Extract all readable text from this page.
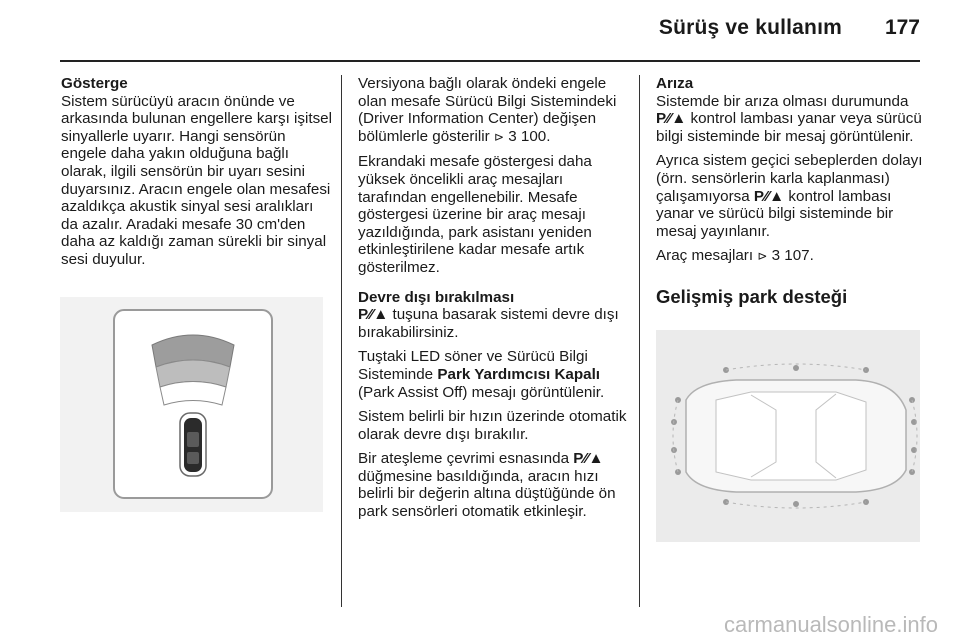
Sürüş ve kullanım 177

Gösterge

Sistem sürücüyü aracın önünde ve arkasında bulunan engellere karşı işitsel sinyallerle uyarır. Hangi sensörün engele daha yakın olduğuna bağlı olarak, ilgili sensörün bir uyarı sesini duyarsınız. Aracın engele olan mesafesi azaldıkça akustik sinyal sesi aralıkları da azalır. Aradaki mesafe 30 cm'den daha az kaldığı zaman sürekli bir sinyal sesi duyulur.

Versiyona bağlı olarak öndeki engele olan mesafe Sürücü Bilgi Sistemindeki (Driver Information Center) değişen bölümlerle gösterilir ⊳ 3 100.

Ekrandaki mesafe göstergesi daha yüksek öncelikli araç mesajları tarafından engellenebilir. Mesafe göstergesi üzerine bir araç mesajı yazıldığında, park asistanı yeniden etkinleştirilene kadar mesafe artık gösterilmez.

Devre dışı bırakılması

P⁄⁄▲ tuşuna basarak sistemi devre dışı bırakabilirsiniz.

Tuştaki LED söner ve Sürücü Bilgi Sisteminde Park Yardımcısı Kapalı (Park Assist Off) mesajı görüntülenir.

Sistem belirli bir hızın üzerinde otomatik olarak devre dışı bırakılır.

Bir ateşleme çevrimi esnasında P⁄⁄▲ düğmesine basıldığında, aracın hızı belirli bir değerin altına düştüğünde ön park sensörleri otomatik etkinleşir.

Arıza

Sistemde bir arıza olması durumunda P⁄⁄▲ kontrol lambası yanar veya sürücü bilgi sisteminde bir mesaj görüntülenir.

Ayrıca sistem geçici sebeplerden dolayı (örn. sensörlerin karla kaplanması) çalışamıyorsa P⁄⁄▲ kontrol lambası yanar ve sürücü bilgi sisteminde bir mesaj yayınlanır.

Araç mesajları ⊳ 3 107.

Gelişmiş park desteği

carmanualsonline.info
